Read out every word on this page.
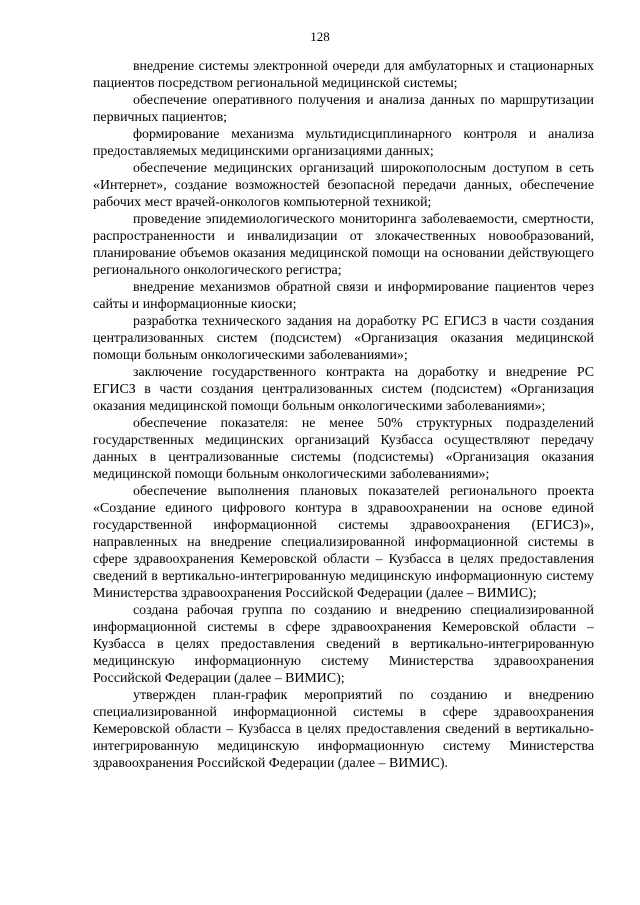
128

внедрение системы электронной очереди для амбулаторных и стационарных пациентов посредством региональной медицинской системы;

обеспечение оперативного получения и анализа данных по маршрутизации первичных пациентов;

формирование механизма мультидисциплинарного контроля и анализа предоставляемых медицинскими организациями данных;

обеспечение медицинских организаций широкополосным доступом в сеть «Интернет», создание возможностей безопасной передачи данных, обеспечение рабочих мест врачей-онкологов компьютерной техникой;

проведение эпидемиологического мониторинга заболеваемости, смертности, распространенности и инвалидизации от злокачественных новообразований, планирование объемов оказания медицинской помощи на основании действующего регионального онкологического регистра;

внедрение механизмов обратной связи и информирование пациентов через сайты и информационные киоски;

разработка технического задания на доработку РС ЕГИСЗ в части создания централизованных систем (подсистем) «Организация оказания медицинской помощи больным онкологическими заболеваниями»;

заключение государственного контракта на доработку и внедрение РС ЕГИСЗ в части создания централизованных систем (подсистем) «Организация оказания медицинской помощи больным онкологическими заболеваниями»;

обеспечение показателя: не менее 50% структурных подразделений государственных медицинских организаций Кузбасса осуществляют передачу данных в централизованные системы (подсистемы) «Организация оказания медицинской помощи больным онкологическими заболеваниями»;

обеспечение выполнения плановых показателей регионального проекта «Создание единого цифрового контура в здравоохранении на основе единой государственной информационной системы здравоохранения (ЕГИСЗ)», направленных на внедрение специализированной информационной системы в сфере здравоохранения Кемеровской области – Кузбасса в целях предоставления сведений в вертикально-интегрированную медицинскую информационную систему Министерства здравоохранения Российской Федерации (далее – ВИМИС);

создана рабочая группа по созданию и внедрению специализированной информационной системы в сфере здравоохранения Кемеровской области – Кузбасса в целях предоставления сведений в вертикально-интегрированную медицинскую информационную систему Министерства здравоохранения Российской Федерации (далее – ВИМИС);

утвержден план-график мероприятий по созданию и внедрению специализированной информационной системы в сфере здравоохранения Кемеровской области – Кузбасса в целях предоставления сведений в вертикально-интегрированную медицинскую информационную систему Министерства здравоохранения Российской Федерации (далее – ВИМИС).
